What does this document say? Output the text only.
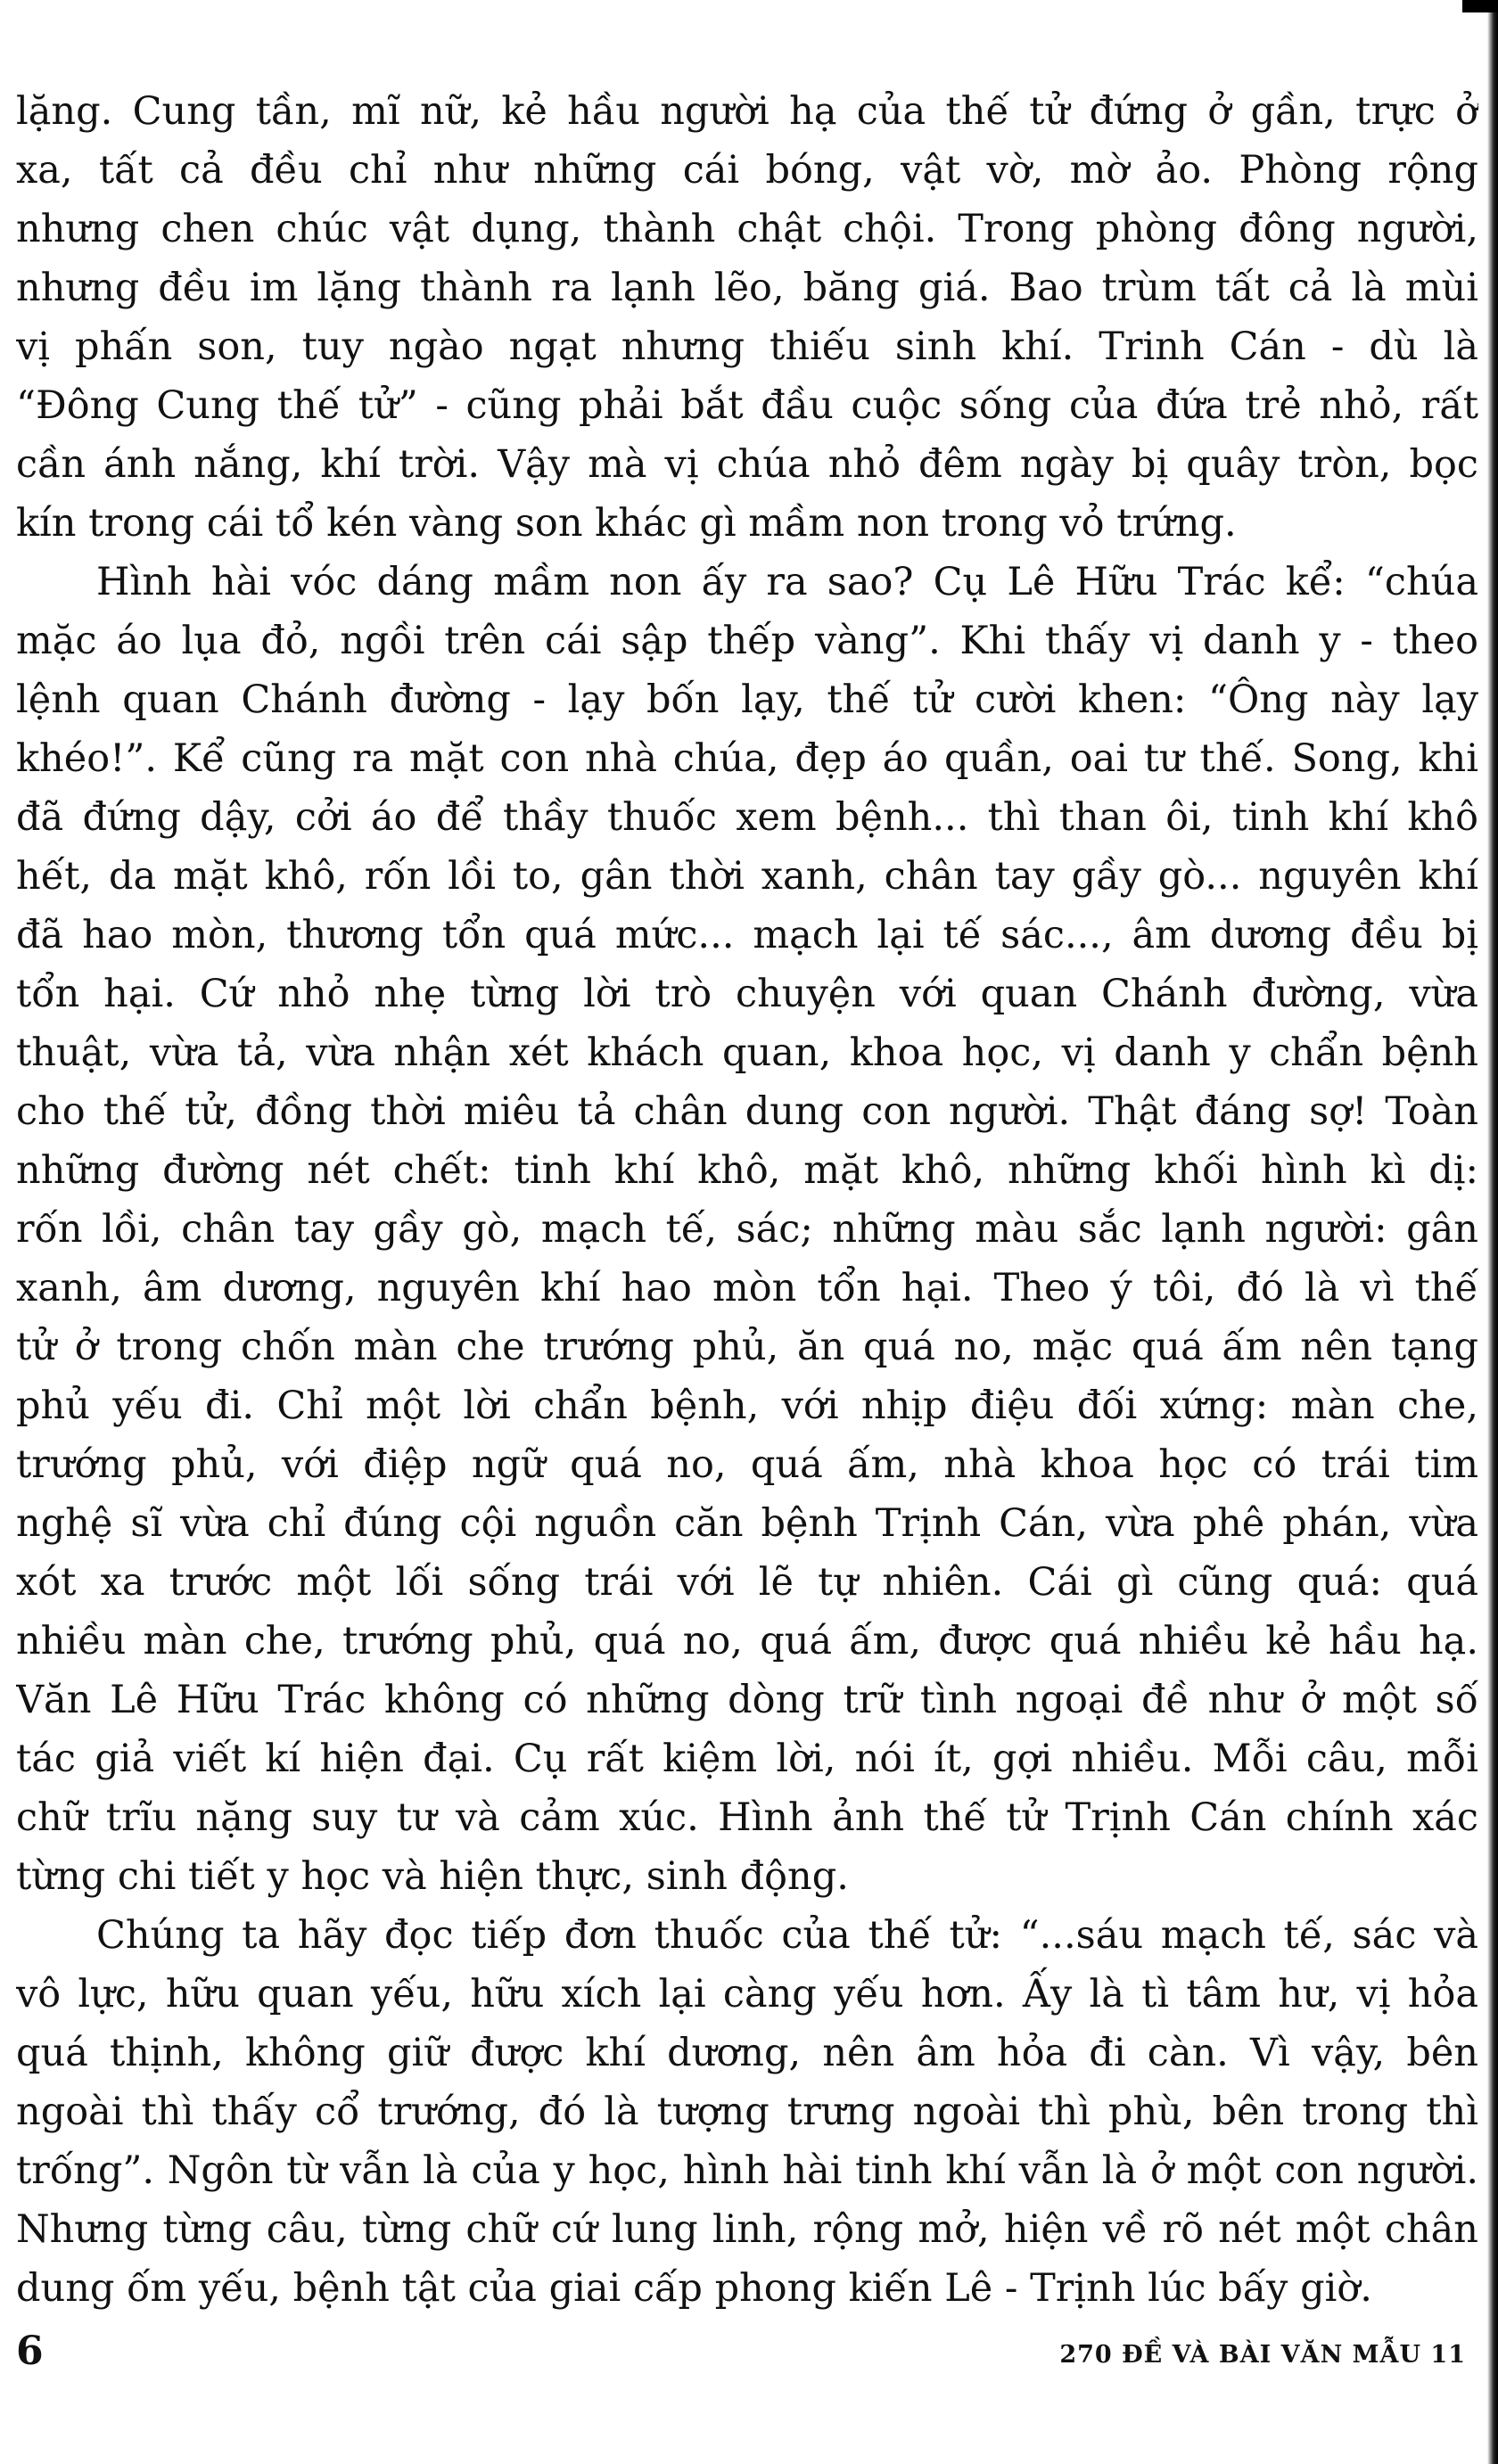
lặng. Cung tần, mĩ nữ, kẻ hầu người hạ của thế tử đứng ở gần, trực ở
xa, tất cả đều chỉ như những cái bóng, vật vờ, mờ ảo. Phòng rộng
nhưng chen chúc vật dụng, thành chật chội. Trong phòng đông người,
nhưng đều im lặng thành ra lạnh lẽo, băng giá. Bao trùm tất cả là mùi
vị phấn son, tuy ngào ngạt nhưng thiếu sinh khí. Trinh Cán - dù là
“Đông Cung thế tử” - cũng phải bắt đầu cuộc sống của đứa trẻ nhỏ, rất
cần ánh nắng, khí trời. Vậy mà vị chúa nhỏ đêm ngày bị quây tròn, bọc
kín trong cái tổ kén vàng son khác gì mầm non trong vỏ trứng.
Hình hài vóc dáng mầm non ấy ra sao? Cụ Lê Hữu Trác kể: “chúa
mặc áo lụa đỏ, ngồi trên cái sập thếp vàng”. Khi thấy vị danh y - theo
lệnh quan Chánh đường - lạy bốn lạy, thế tử cười khen: “Ông này lạy
khéo!”. Kể cũng ra mặt con nhà chúa, đẹp áo quần, oai tư thế. Song, khi
đã đứng dậy, cởi áo để thầy thuốc xem bệnh... thì than ôi, tinh khí khô
hết, da mặt khô, rốn lồi to, gân thời xanh, chân tay gầy gò... nguyên khí
đã hao mòn, thương tổn quá mức... mạch lại tế sác..., âm dương đều bị
tổn hại. Cứ nhỏ nhẹ từng lời trò chuyện với quan Chánh đường, vừa
thuật, vừa tả, vừa nhận xét khách quan, khoa học, vị danh y chẩn bệnh
cho thế tử, đồng thời miêu tả chân dung con người. Thật đáng sợ! Toàn
những đường nét chết: tinh khí khô, mặt khô, những khối hình kì dị:
rốn lồi, chân tay gầy gò, mạch tế, sác; những màu sắc lạnh người: gân
xanh, âm dương, nguyên khí hao mòn tổn hại. Theo ý tôi, đó là vì thế
tử ở trong chốn màn che trướng phủ, ăn quá no, mặc quá ấm nên tạng
phủ yếu đi. Chỉ một lời chẩn bệnh, với nhịp điệu đối xứng: màn che,
trướng phủ, với điệp ngữ quá no, quá ấm, nhà khoa học có trái tim
nghệ sĩ vừa chỉ đúng cội nguồn căn bệnh Trịnh Cán, vừa phê phán, vừa
xót xa trước một lối sống trái với lẽ tự nhiên. Cái gì cũng quá: quá
nhiều màn che, trướng phủ, quá no, quá ấm, được quá nhiều kẻ hầu hạ.
Văn Lê Hữu Trác không có những dòng trữ tình ngoại đề như ở một số
tác giả viết kí hiện đại. Cụ rất kiệm lời, nói ít, gợi nhiều. Mỗi câu, mỗi
chữ trĩu nặng suy tư và cảm xúc. Hình ảnh thế tử Trịnh Cán chính xác
từng chi tiết y học và hiện thực, sinh động.
Chúng ta hãy đọc tiếp đơn thuốc của thế tử: “...sáu mạch tế, sác và
vô lực, hữu quan yếu, hữu xích lại càng yếu hơn. Ấy là tì tâm hư, vị hỏa
quá thịnh, không giữ được khí dương, nên âm hỏa đi càn. Vì vậy, bên
ngoài thì thấy cổ trướng, đó là tượng trưng ngoài thì phù, bên trong thì
trống”. Ngôn từ vẫn là của y học, hình hài tinh khí vẫn là ở một con người.
Nhưng từng câu, từng chữ cứ lung linh, rộng mở, hiện về rõ nét một chân
dung ốm yếu, bệnh tật của giai cấp phong kiến Lê - Trịnh lúc bấy giờ.
6	270 ĐỀ VÀ BÀI VĂN MẪU 11
